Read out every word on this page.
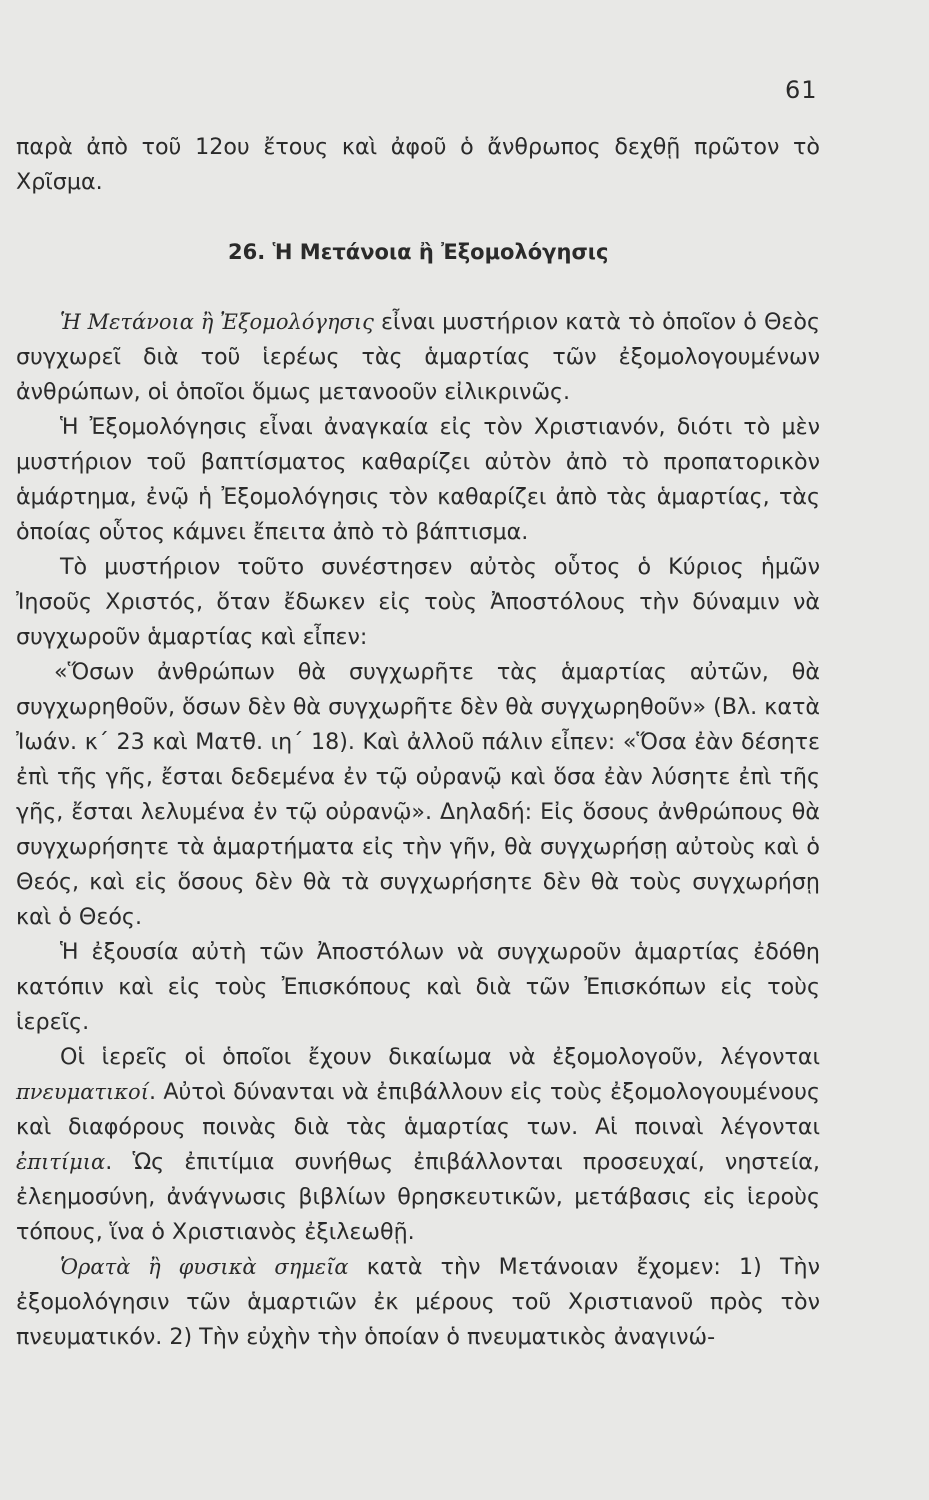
61

παρὰ ἀπὸ τοῦ 12ου ἔτους καὶ ἀφοῦ ὁ ἄνθρωπος δεχθῇ πρῶτον τὸ Χρῖσμα.

26. Ἡ Μετάνοια ἢ Ἐξομολόγησις

Ἡ Μετάνοια ἢ Ἐξομολόγησις εἶναι μυστήριον κατὰ τὸ ὁποῖον ὁ Θεὸς συγχωρεῖ διὰ τοῦ ἱερέως τὰς ἁμαρτίας τῶν ἐξομολογουμένων ἀνθρώπων, οἱ ὁποῖοι ὅμως μετανοοῦν εἰλικρινῶς.

Ἡ Ἐξομολόγησις εἶναι ἀναγκαία εἰς τὸν Χριστιανόν, διότι τὸ μὲν μυστήριον τοῦ βαπτίσματος καθαρίζει αὐτὸν ἀπὸ τὸ προπατορικὸν ἁμάρτημα, ἐνῷ ἡ Ἐξομολόγησις τὸν καθαρίζει ἀπὸ τὰς ἁμαρτίας, τὰς ὁποίας οὗτος κάμνει ἔπειτα ἀπὸ τὸ βάπτισμα.

Τὸ μυστήριον τοῦτο συνέστησεν αὐτὸς οὗτος ὁ Κύριος ἡμῶν Ἰησοῦς Χριστός, ὅταν ἔδωκεν εἰς τοὺς Ἀποστόλους τὴν δύναμιν νὰ συγχωροῦν ἁμαρτίας καὶ εἶπεν:

«Ὅσων ἀνθρώπων θὰ συγχωρῆτε τὰς ἁμαρτίας αὐτῶν, θὰ συγχωρηθοῦν, ὅσων δὲν θὰ συγχωρῆτε δὲν θὰ συγχωρηθοῦν» (Βλ. κατὰ Ἰωάν. κ΄ 23 καὶ Ματθ. ιη΄ 18). Καὶ ἀλλοῦ πάλιν εἶπεν: «Ὅσα ἐὰν δέσητε ἐπὶ τῆς γῆς, ἔσται δεδεμένα ἐν τῷ οὐρανῷ καὶ ὅσα ἐὰν λύσητε ἐπὶ τῆς γῆς, ἔσται λελυμένα ἐν τῷ οὐρανῷ». Δηλαδή: Εἰς ὅσους ἀνθρώπους θὰ συγχωρήσητε τὰ ἁμαρτήματα εἰς τὴν γῆν, θὰ συγχωρήσῃ αὐτοὺς καὶ ὁ Θεός, καὶ εἰς ὅσους δὲν θὰ τὰ συγχωρήσητε δὲν θὰ τοὺς συγχωρήσῃ καὶ ὁ Θεός.

Ἡ ἐξουσία αὐτὴ τῶν Ἀποστόλων νὰ συγχωροῦν ἁμαρτίας ἐδόθη κατόπιν καὶ εἰς τοὺς Ἐπισκόπους καὶ διὰ τῶν Ἐπισκόπων εἰς τοὺς ἱερεῖς.

Οἱ ἱερεῖς οἱ ὁποῖοι ἔχουν δικαίωμα νὰ ἐξομολογοῦν, λέγονται πνευματικοί. Αὐτοὶ δύνανται νὰ ἐπιβάλλουν εἰς τοὺς ἐξομολογουμένους καὶ διαφόρους ποινὰς διὰ τὰς ἁμαρτίας των. Αἱ ποιναὶ λέγονται ἐπιτίμια. Ὡς ἐπιτίμια συνήθως ἐπιβάλλονται προσευχαί, νηστεία, ἐλεημοσύνη, ἀνάγνωσις βιβλίων θρησκευτικῶν, μετάβασις εἰς ἱεροὺς τόπους, ἵνα ὁ Χριστιανὸς ἐξιλεωθῇ.

Ὁρατὰ ἢ φυσικὰ σημεῖα κατὰ τὴν Μετάνοιαν ἔχομεν: 1) Τὴν ἐξομολόγησιν τῶν ἁμαρτιῶν ἐκ μέρους τοῦ Χριστιανοῦ πρὸς τὸν πνευματικόν. 2) Τὴν εὐχὴν τὴν ὁποίαν ὁ πνευματικὸς ἀναγινώ-
